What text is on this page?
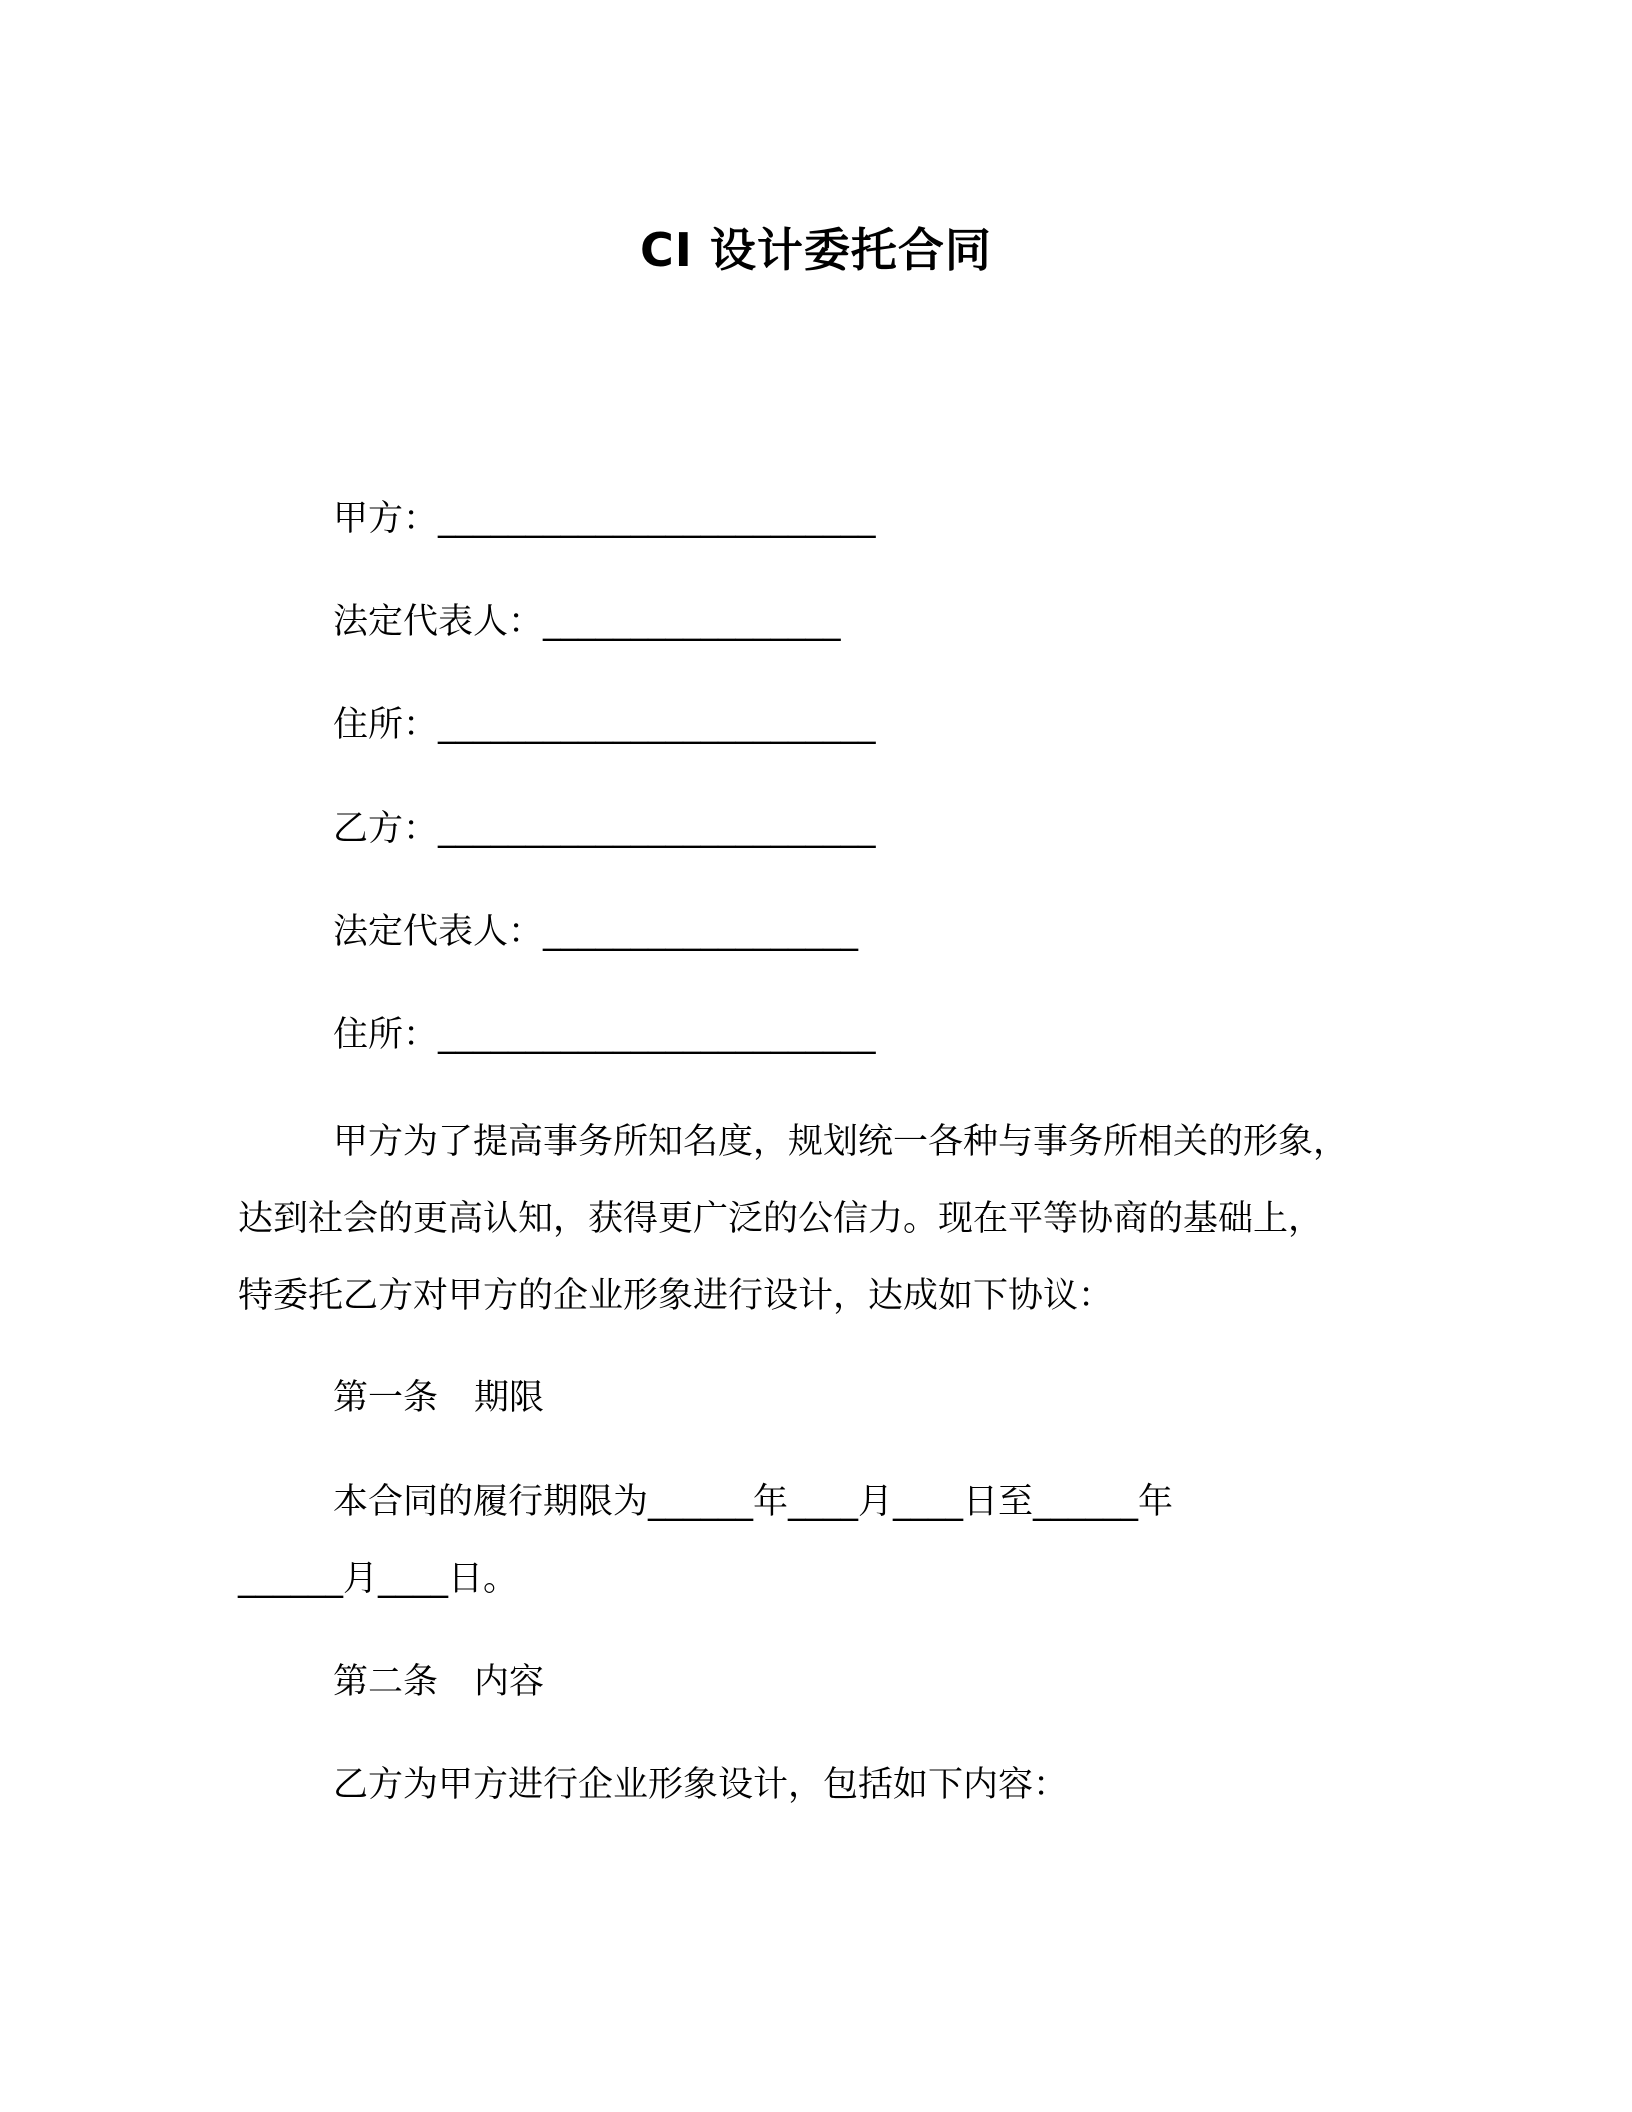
CI 设计委托合同
甲方：_________________________
法定代表人：_________________
住所：_________________________
乙方：_________________________
法定代表人：__________________
住所：_________________________
甲方为了提高事务所知名度，规划统一各种与事务所相关的形象，
达到社会的更高认知，获得更广泛的公信力。现在平等协商的基础上，
特委托乙方对甲方的企业形象进行设计，达成如下协议：
第一条 期限
本合同的履行期限为______年____月____日至______年
______月____日。
第二条 内容
乙方为甲方进行企业形象设计，包括如下内容：
